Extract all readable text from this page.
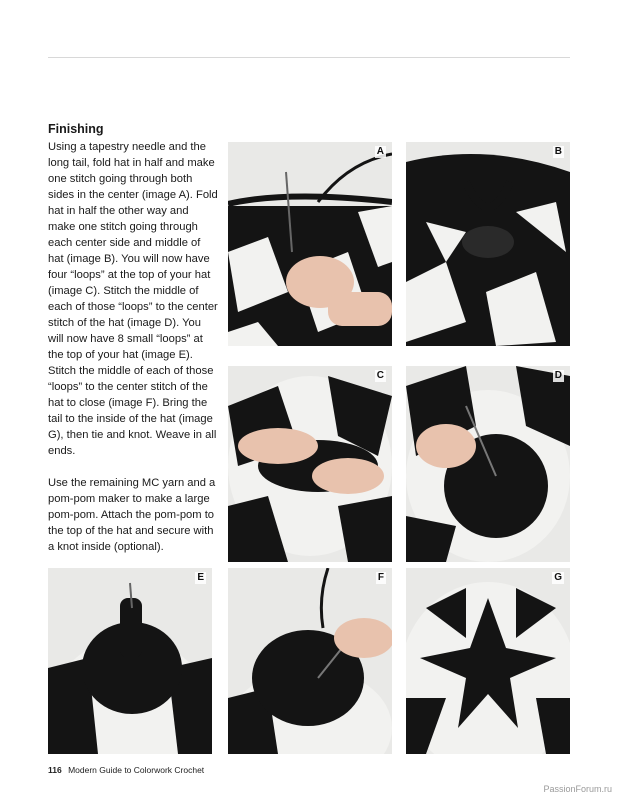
Finishing

Using a tapestry needle and the long tail, fold hat in half and make one stitch going through both sides in the center (image A). Fold hat in half the other way and make one stitch going through each center side and middle of hat (image B). You will now have four “loops” at the top of your hat (image C). Stitch the middle of each of those “loops” to the center stitch of the hat (image D). You will now have 8 small “loops” at the top of your hat (image E). Stitch the middle of each of those “loops” to the center stitch of the hat to close (image F). Bring the tail to the inside of the hat (image G), then tie and knot. Weave in all ends.

Use the remaining MC yarn and a pom-pom maker to make a large pom-pom. Attach the pom-pom to the top of the hat and secure with a knot inside (optional).

A	B
C	D
E	F	G
116 Modern Guide to Colorwork Crochet
PassionForum.ru
